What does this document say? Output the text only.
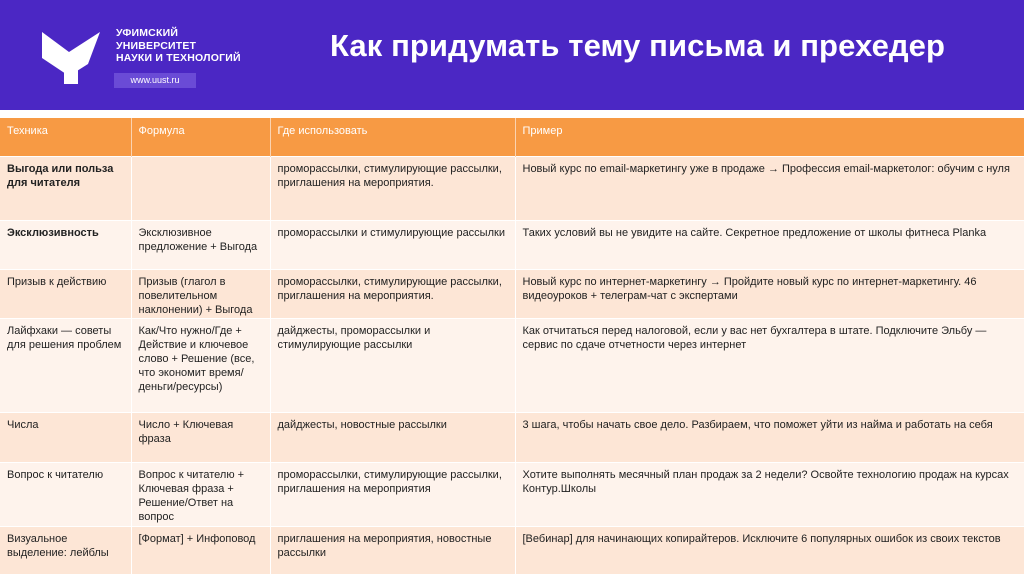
УФИМСКИЙ
УНИВЕРСИТЕТ
НАУКИ И ТЕХНОЛОГИЙ
www.uust.ru
Как придумать тему письма и прехедер
Техника	Формула	Где использовать	Пример
Выгода или польза для читателя		проморассылки, стимулирующие рассылки, приглашения на мероприятия.	Новый курс по email-маркетингу уже в продаже → Профессия email-маркетолог: обучим с нуля
Эксклюзивность	Эксклюзивное предложение + Выгода	проморассылки и стимулирующие рассылки	Таких условий вы не увидите на сайте. Секретное предложение от школы фитнеса Planka
Призыв к действию	Призыв (глагол в повелительном наклонении) + Выгода	проморассылки, стимулирующие рассылки, приглашения на мероприятия.	Новый курс по интернет-маркетингу → Пройдите новый курс по интернет-маркетингу. 46 видеоуроков + телеграм-чат с экспертами
Лайфхаки — советы для решения проблем	Как/Что нужно/Где + Действие и ключевое слово + Решение (все, что экономит время/деньги/ресурсы)	дайджесты, проморассылки и стимулирующие рассылки	Как отчитаться перед налоговой, если у вас нет бухгалтера в штате. Подключите Эльбу — сервис по сдаче отчетности через интернет
Числа	Число + Ключевая фраза	дайджесты, новостные рассылки	3 шага, чтобы начать свое дело. Разбираем, что поможет уйти из найма и работать на себя
Вопрос к читателю	Вопрос к читателю + Ключевая фраза + Решение/Ответ на вопрос	проморассылки, стимулирующие рассылки, приглашения на мероприятия	Хотите выполнять месячный план продаж за 2 недели? Освойте технологию продаж на курсах Контур.Школы
Визуальное выделение: лейблы	[Формат] + Инфоповод	приглашения на мероприятия, новостные рассылки	[Вебинар] для начинающих копирайтеров. Исключите 6 популярных ошибок из своих текстов
